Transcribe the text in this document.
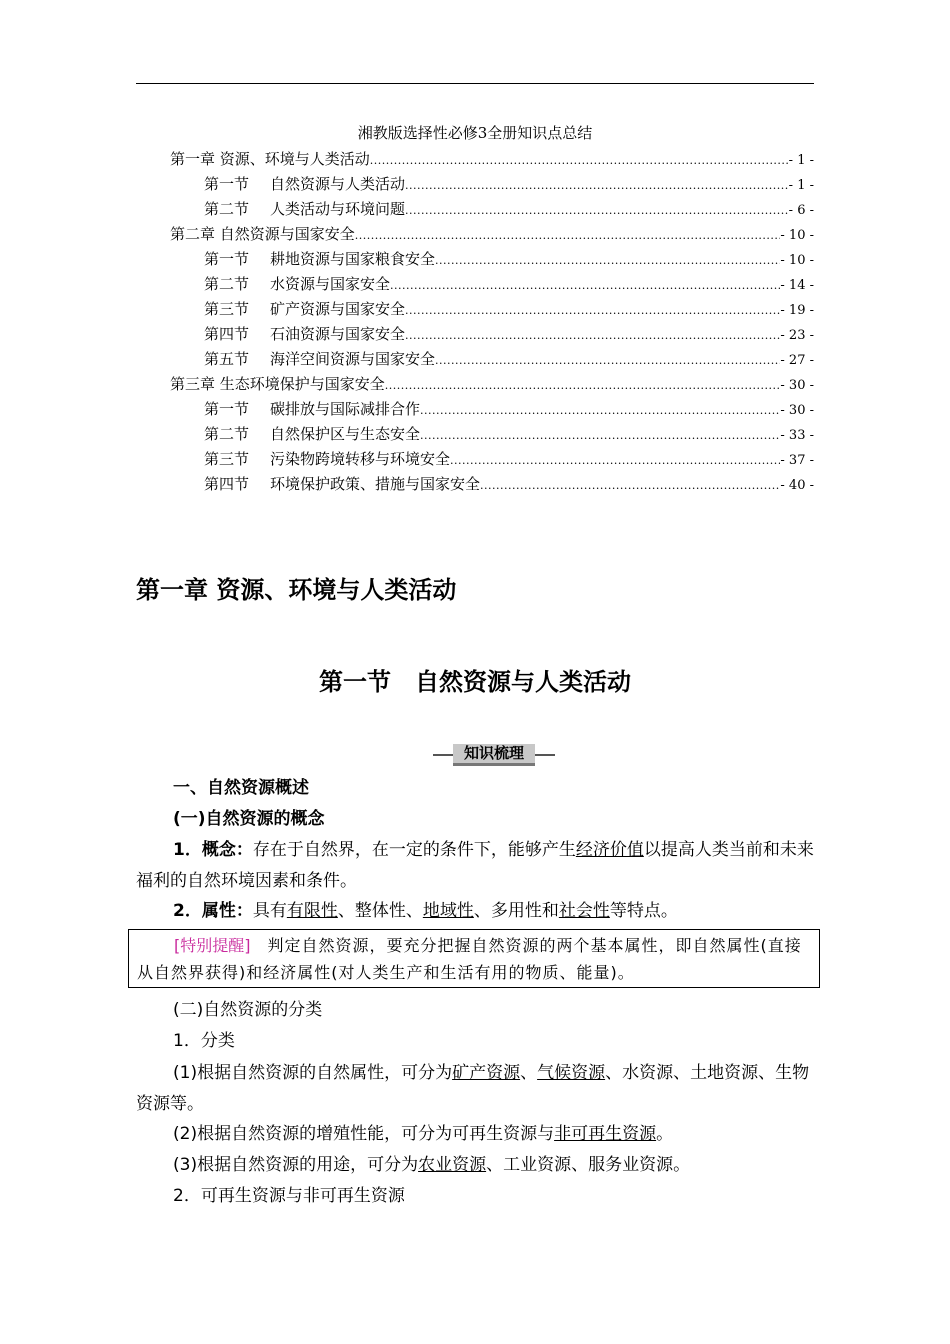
湘教版选择性必修3全册知识点总结
第一章 资源、环境与人类活动 .....	- 1 -
第一节 自然资源与人类活动 .....	- 1 -
第二节 人类活动与环境问题 .....	- 6 -
第二章 自然资源与国家安全 .....	- 10 -
第一节 耕地资源与国家粮食安全 .....	- 10 -
第二节 水资源与国家安全 .....	- 14 -
第三节 矿产资源与国家安全 .....	- 19 -
第四节 石油资源与国家安全 .....	- 23 -
第五节 海洋空间资源与国家安全 .....	- 27 -
第三章 生态环境保护与国家安全 .....	- 30 -
第一节 碳排放与国际减排合作 .....	- 30 -
第二节 自然保护区与生态安全 .....	- 33 -
第三节 污染物跨境转移与环境安全 .....	- 37 -
第四节 环境保护政策、措施与国家安全 .....	- 40 -
第一章 资源、环境与人类活动
第一节　自然资源与人类活动
知识梳理
一、自然资源概述
(一)自然资源的概念
1．概念：存在于自然界，在一定的条件下，能够产生经济价值以提高人类当前和未来福利的自然环境因素和条件。
2．属性：具有有限性、整体性、地域性、多用性和社会性等特点。
[特别提醒]　判定自然资源，要充分把握自然资源的两个基本属性，即自然属性(直接从自然界获得)和经济属性(对人类生产和生活有用的物质、能量)。
(二)自然资源的分类
1．分类
(1)根据自然资源的自然属性，可分为矿产资源、气候资源、水资源、土地资源、生物资源等。
(2)根据自然资源的增殖性能，可分为可再生资源与非可再生资源。
(3)根据自然资源的用途，可分为农业资源、工业资源、服务业资源。
2．可再生资源与非可再生资源
